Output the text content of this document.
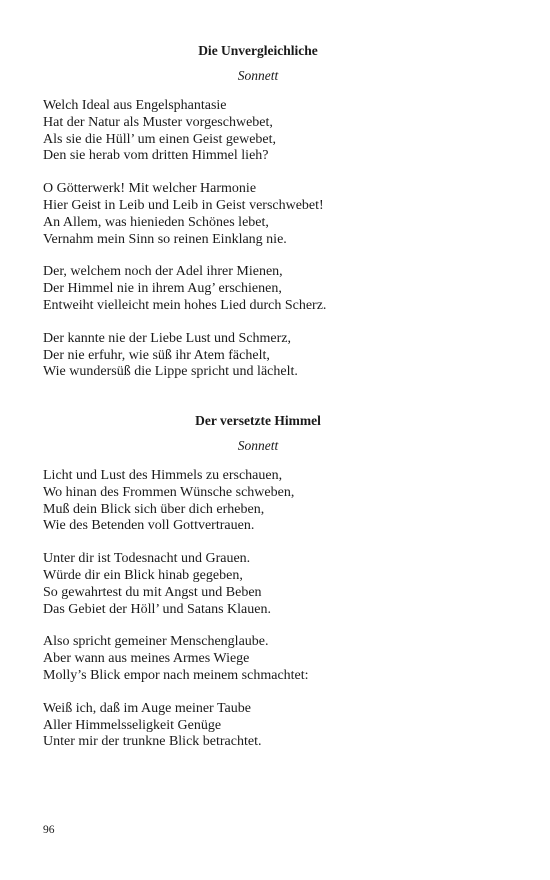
Die Unvergleichliche
Sonnett
Welch Ideal aus Engelsphantasie
Hat der Natur als Muster vorgeschwebet,
Als sie die Hüll’ um einen Geist gewebet,
Den sie herab vom dritten Himmel lieh?
O Götterwerk! Mit welcher Harmonie
Hier Geist in Leib und Leib in Geist verschwebet!
An Allem, was hienieden Schönes lebet,
Vernahm mein Sinn so reinen Einklang nie.
Der, welchem noch der Adel ihrer Mienen,
Der Himmel nie in ihrem Aug’ erschienen,
Entweiht vielleicht mein hohes Lied durch Scherz.
Der kannte nie der Liebe Lust und Schmerz,
Der nie erfuhr, wie süß ihr Atem fächelt,
Wie wundersüß die Lippe spricht und lächelt.
Der versetzte Himmel
Sonnett
Licht und Lust des Himmels zu erschauen,
Wo hinan des Frommen Wünsche schweben,
Muß dein Blick sich über dich erheben,
Wie des Betenden voll Gottvertrauen.
Unter dir ist Todesnacht und Grauen.
Würde dir ein Blick hinab gegeben,
So gewahrtest du mit Angst und Beben
Das Gebiet der Höll’ und Satans Klauen.
Also spricht gemeiner Menschenglaube.
Aber wann aus meines Armes Wiege
Molly’s Blick empor nach meinem schmachtet:
Weiß ich, daß im Auge meiner Taube
Aller Himmelsseligkeit Genüge
Unter mir der trunkne Blick betrachtet.
96
